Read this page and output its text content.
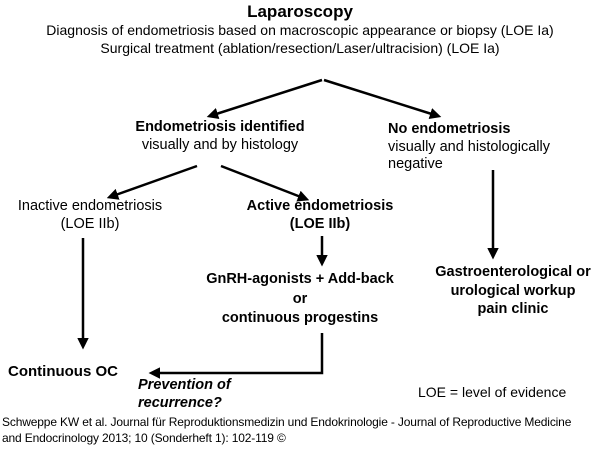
Laparoscopy
Diagnosis of endometriosis based on macroscopic appearance or biopsy (LOE Ia)
Surgical treatment (ablation/resection/Laser/ultracision) (LOE Ia)
Endometriosis identified
visually and by histology
No endometriosis
visually and histologically
negative
Inactive endometriosis
(LOE IIb)
Active endometriosis
(LOE IIb)
GnRH-agonists + Add-back
or
continuous progestins
Gastroenterological or
urological workup
pain clinic
Continuous OC
Prevention of
recurrence?
LOE = level of evidence
Schweppe KW et al. Journal für Reproduktionsmedizin und Endokrinologie - Journal of Reproductive Medicine
and Endocrinology 2013; 10 (Sonderheft 1): 102-119 ©
